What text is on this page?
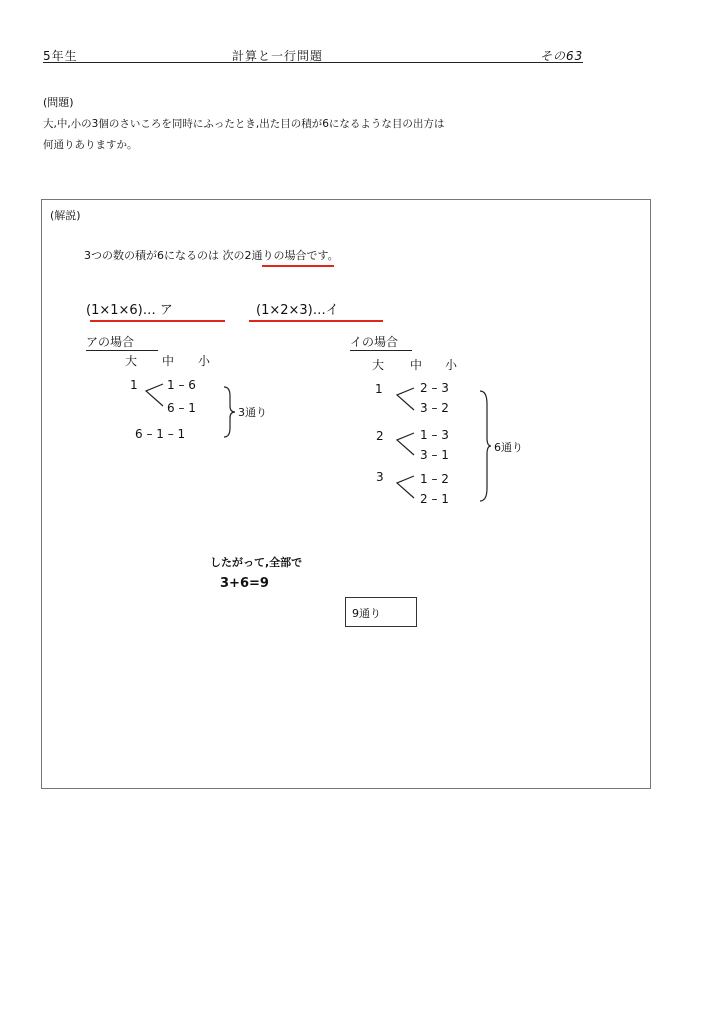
5年生	計算と一行問題	その63
(問題)
大,中,小の3個のさいころを同時にふったとき,出た目の積が6になるような目の出方は
何通りありますか。
(解説)
3つの数の積が6になるのは 次の2通りの場合です。
(1×1×6)… ア	(1×2×3)…イ
アの場合
大 中 小
1 1 – 6
6 – 1
6 – 1 – 1
3通り
イの場合
大 中 小
1	2 – 3
3 – 2
2	1 – 3
3 – 1
3	1 – 2
2 – 1
6通り
したがって,全部で
3+6=9
9通り
